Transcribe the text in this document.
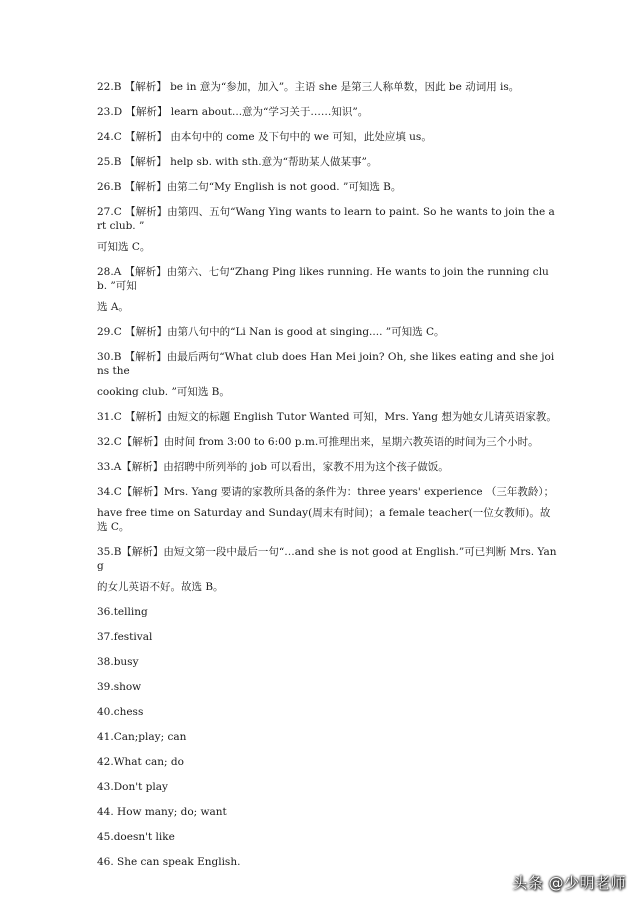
22.B 【解析】 be in 意为“参加，加入”。主语 she 是第三人称单数，因此 be 动词用 is。

23.D 【解析】 learn about...意为“学习关于……知识”。

24.C 【解析】 由本句中的 come 及下句中的 we 可知，此处应填 us。

25.B 【解析】 help sb. with sth.意为“帮助某人做某事”。

26.B 【解析】由第二句“My English is not good. ”可知选 B。

27.C 【解析】由第四、五句“Wang Ying wants to learn to paint. So he wants to join the art club. ”

可知选 C。

28.A 【解析】由第六、七句“Zhang Ping likes running. He wants to join the running club. ”可知

选 A。

29.C 【解析】由第八句中的“Li Nan is good at singing.... ”可知选 C。

30.B 【解析】由最后两句“What club does Han Mei join? Oh, she likes eating and she joins the

cooking club. ”可知选 B。

31.C 【解析】由短文的标题 English Tutor Wanted 可知，Mrs. Yang 想为她女儿请英语家教。

32.C【解析】由时间 from 3:00 to 6:00 p.m.可推理出来，星期六教英语的时间为三个小时。

33.A【解析】由招聘中所列举的 job 可以看出，家教不用为这个孩子做饭。

34.C【解析】Mrs. Yang 要请的家教所具备的条件为：three years' experience （三年教龄）；

have free time on Saturday and Sunday(周末有时间)；a female teacher(一位女教师)。故选 C。

35.B【解析】由短文第一段中最后一句“…and she is not good at English.”可已判断 Mrs. Yang

的女儿英语不好。故选 B。

36.telling

37.festival

38.busy

39.show

40.chess

41.Can;play; can

42.What can; do

43.Don't play

44. How many; do; want

45.doesn't like

46. She can speak English.

头条 @少明老师
